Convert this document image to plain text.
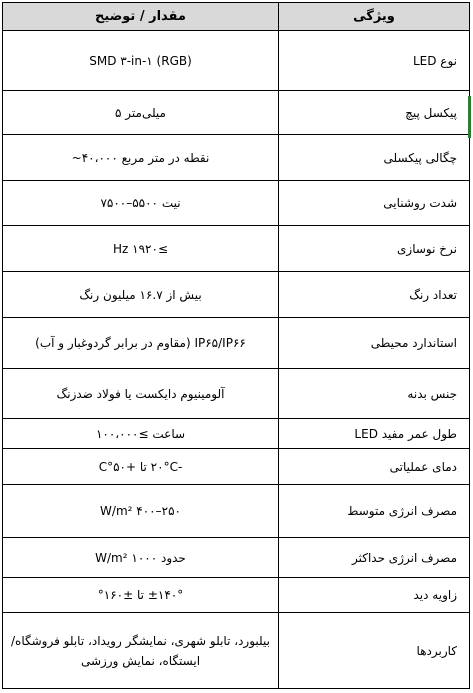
ویژگی	مقدار / توضیح
نوع LED	SMD ۳-in-۱ (RGB)
پیکسل پیچ	میلی‌متر ۵
چگالی پیکسلی	نقطه در متر مربع ۴۰،۰۰۰~
شدت روشنایی	نیت ۵۵۰۰–۷۵۰۰
نرخ نوسازی	≥۱۹۲۰ Hz
تعداد رنگ	بیش از ۱۶.۷ میلیون رنگ
استاندارد محیطی	IP۶۵/IP۶۶ (مقاوم در برابر گردوغبار و آب)
جنس بدنه	آلومینیوم دایکست یا فولاد ضدزنگ
طول عمر مفید LED	ساعت ≥۱۰۰،۰۰۰
دمای عملیاتی	-۲۰°C تا +۵۰°C
مصرف انرژی متوسط	۲۵۰–۴۰۰ W/m²
مصرف انرژی حداکثر	حدود ۱۰۰۰ W/m²
زاویه دید	±۱۴۰° تا ±۱۶۰°
کاربردها	بیلبورد، تابلو شهری، نمایشگر رویداد، تابلو فروشگاه/ایستگاه، نمایش ورزشی
